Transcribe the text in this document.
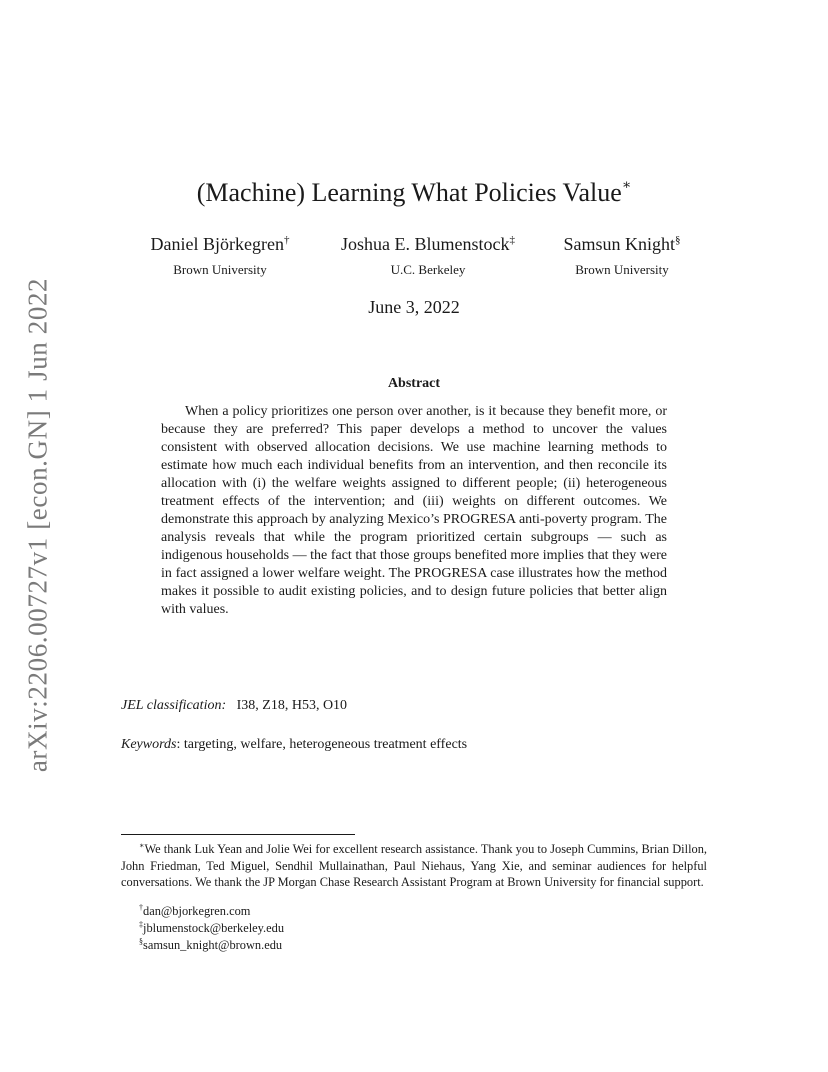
arXiv:2206.00727v1 [econ.GN] 1 Jun 2022
(Machine) Learning What Policies Value∗
Daniel Björkegren†
Brown University
Joshua E. Blumenstock‡
U.C. Berkeley
Samsun Knight§
Brown University
June 3, 2022
Abstract

When a policy prioritizes one person over another, is it because they benefit more, or because they are preferred? This paper develops a method to uncover the values consistent with observed allocation decisions. We use machine learning methods to estimate how much each individual benefits from an intervention, and then reconcile its allocation with (i) the welfare weights assigned to different people; (ii) heterogeneous treatment effects of the intervention; and (iii) weights on different outcomes. We demonstrate this approach by analyzing Mexico’s PROGRESA anti-poverty program. The analysis reveals that while the program prioritized certain subgroups — such as indigenous households — the fact that those groups benefited more implies that they were in fact assigned a lower welfare weight. The PROGRESA case illustrates how the method makes it possible to audit existing policies, and to design future policies that better align with values.

JEL classification: I38, Z18, H53, O10
Keywords: targeting, welfare, heterogeneous treatment effects

∗We thank Luk Yean and Jolie Wei for excellent research assistance. Thank you to Joseph Cummins, Brian Dillon, John Friedman, Ted Miguel, Sendhil Mullainathan, Paul Niehaus, Yang Xie, and seminar audiences for helpful conversations. We thank the JP Morgan Chase Research Assistant Program at Brown University for financial support.

†dan@bjorkegren.com
‡jblumenstock@berkeley.edu
§samsun_knight@brown.edu
